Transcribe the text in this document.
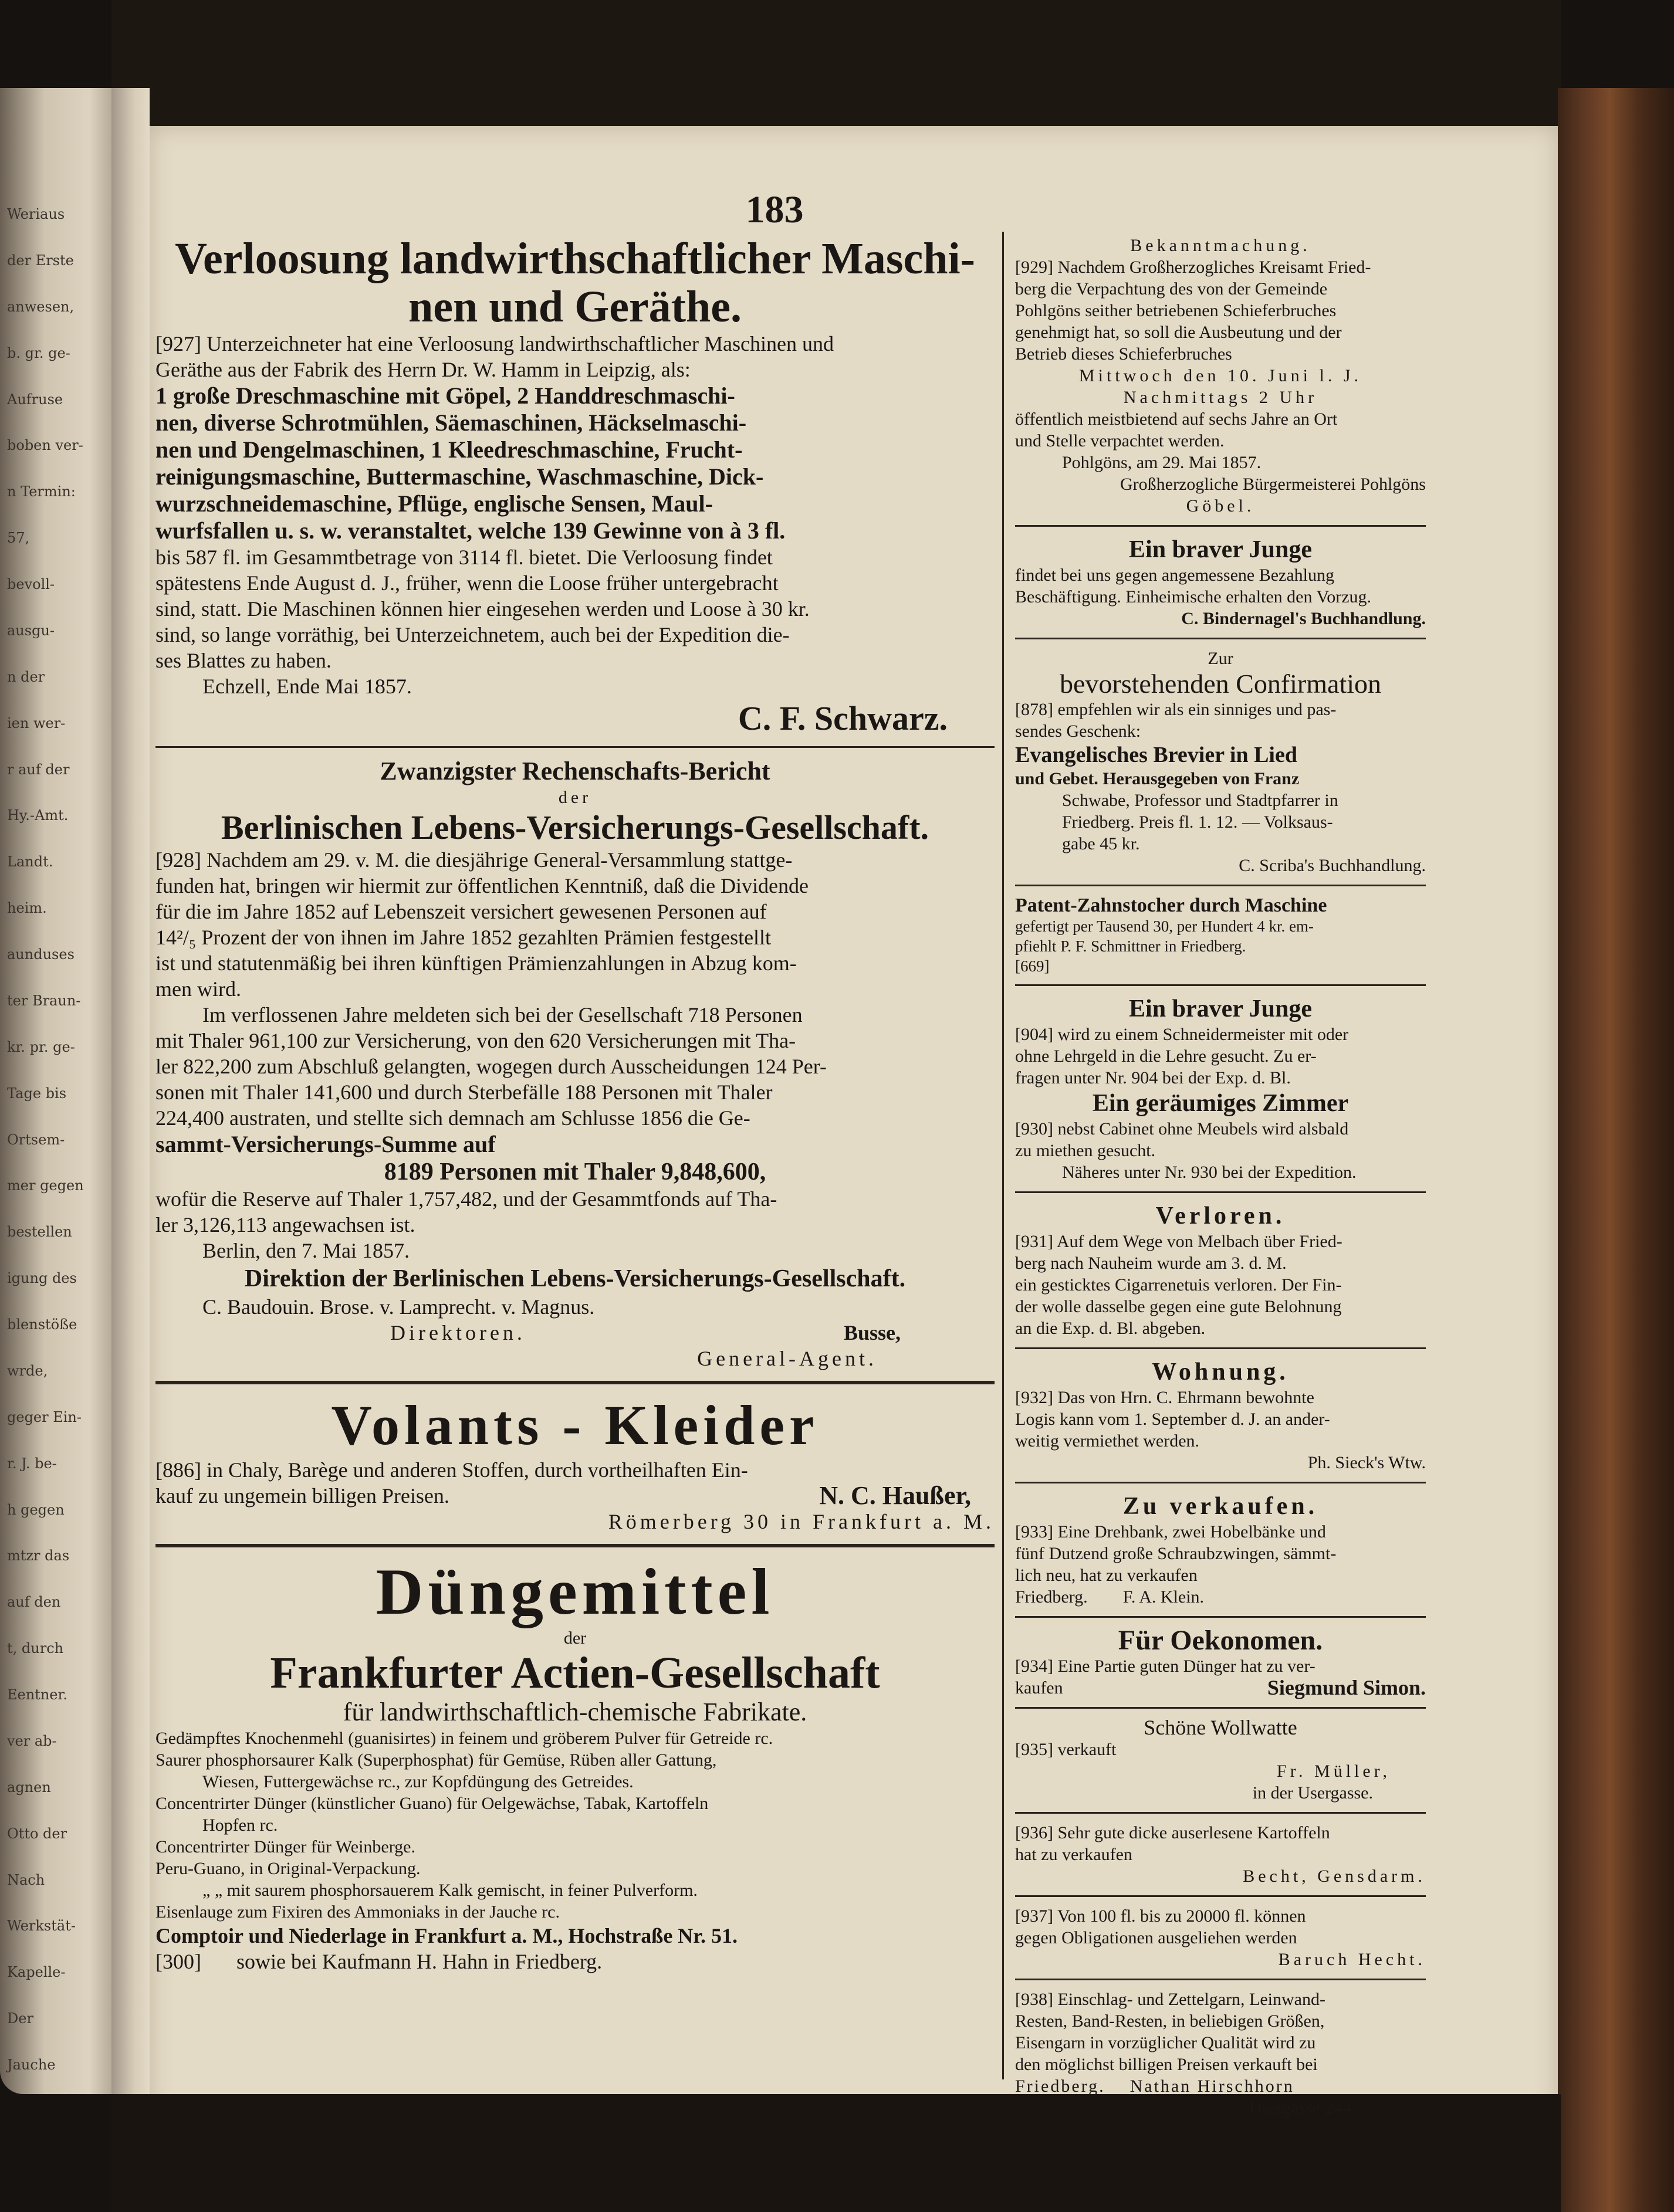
Weriaus
der Erste
anwesen,
b. gr. ge-
Aufruse
boben ver-
n Termin:
57,
bevoll-
ausgu-
n der
ien wer-
r auf der
Hy.-Amt.
Landt.
heim.
aunduses
ter Braun-
kr. pr. ge-
Tage bis
Ortsem-
mer gegen
bestellen
igung des
blenstöße
wrde,
geger Ein-
r. J. be-
h gegen
mtzr das
auf den
t, durch
Eentner.
ver ab-
agnen
Otto der
Nach
Werkstät-
Kapelle-
Der
Jauche
183
Verloosung landwirthschaftlicher Maschi-
nen und Geräthe.
[927] Unterzeichneter hat eine Verloosung landwirthschaftlicher Maschinen und
Geräthe aus der Fabrik des Herrn Dr. W. Hamm in Leipzig, als:
1 große Dreschmaschine mit Göpel, 2 Handdreschmaschi-
nen, diverse Schrotmühlen, Säemaschinen, Häckselmaschi-
nen und Dengelmaschinen, 1 Kleedreschmaschine, Frucht-
reinigungsmaschine, Buttermaschine, Waschmaschine, Dick-
wurzschneidemaschine, Pflüge, englische Sensen, Maul-
wurfsfallen u. s. w. veranstaltet, welche 139 Gewinne von à 3 fl.
bis 587 fl. im Gesammtbetrage von 3114 fl. bietet. Die Verloosung findet
spätestens Ende August d. J., früher, wenn die Loose früher untergebracht
sind, statt. Die Maschinen können hier eingesehen werden und Loose à 30 kr.
sind, so lange vorräthig, bei Unterzeichnetem, auch bei der Expedition die-
ses Blattes zu haben.
Echzell, Ende Mai 1857.
C. F. Schwarz.
Zwanzigster Rechenschafts-Bericht
der
Berlinischen Lebens-Versicherungs-Gesellschaft.
[928] Nachdem am 29. v. M. die diesjährige General-Versammlung stattge-
funden hat, bringen wir hiermit zur öffentlichen Kenntniß, daß die Dividende
für die im Jahre 1852 auf Lebenszeit versichert gewesenen Personen auf
14²/₅ Prozent der von ihnen im Jahre 1852 gezahlten Prämien festgestellt
ist und statutenmäßig bei ihren künftigen Prämienzahlungen in Abzug kom-
men wird.
Im verflossenen Jahre meldeten sich bei der Gesellschaft 718 Personen
mit Thaler 961,100 zur Versicherung, von den 620 Versicherungen mit Tha-
ler 822,200 zum Abschluß gelangten, wogegen durch Ausscheidungen 124 Per-
sonen mit Thaler 141,600 und durch Sterbefälle 188 Personen mit Thaler
224,400 austraten, und stellte sich demnach am Schlusse 1856 die Ge-
sammt-Versicherungs-Summe auf
8189 Personen mit Thaler 9,848,600,
wofür die Reserve auf Thaler 1,757,482, und der Gesammtfonds auf Tha-
ler 3,126,113 angewachsen ist.
Berlin, den 7. Mai 1857.
Direktion der Berlinischen Lebens-Versicherungs-Gesellschaft.
C. Baudouin. Brose. v. Lamprecht. v. Magnus.
Direktoren.	Busse,
General-Agent.
Volants - Kleider
[886] in Chaly, Barège und anderen Stoffen, durch vortheilhaften Ein-
kauf zu ungemein billigen Preisen.	N. C. Haußer,
Römerberg 30 in Frankfurt a. M.
Düngemittel
der
Frankfurter Actien-Gesellschaft
für landwirthschaftlich-chemische Fabrikate.
Gedämpftes Knochenmehl (guanisirtes) in feinem und gröberem Pulver für Getreide rc.
Saurer phosphorsaurer Kalk (Superphosphat) für Gemüse, Rüben aller Gattung,
Wiesen, Futtergewächse rc., zur Kopfdüngung des Getreides.
Concentrirter Dünger (künstlicher Guano) für Oelgewächse, Tabak, Kartoffeln
Hopfen rc.
Concentrirter Dünger für Weinberge.
Peru-Guano, in Original-Verpackung.
„ „ mit saurem phosphorsauerem Kalk gemischt, in feiner Pulverform.
Eisenlauge zum Fixiren des Ammoniaks in der Jauche rc.
Comptoir und Niederlage in Frankfurt a. M., Hochstraße Nr. 51.
[300] sowie bei Kaufmann H. Hahn in Friedberg.
Bekanntmachung.
[929] Nachdem Großherzogliches Kreisamt Fried-
berg die Verpachtung des von der Gemeinde
Pohlgöns seither betriebenen Schieferbruches
genehmigt hat, so soll die Ausbeutung und der
Betrieb dieses Schieferbruches
Mittwoch den 10. Juni l. J.
Nachmittags 2 Uhr
öffentlich meistbietend auf sechs Jahre an Ort
und Stelle verpachtet werden.
Pohlgöns, am 29. Mai 1857.
Großherzogliche Bürgermeisterei Pohlgöns
Göbel.
Ein braver Junge
findet bei uns gegen angemessene Bezahlung
Beschäftigung. Einheimische erhalten den Vorzug.
C. Bindernagel's Buchhandlung.
Zur
bevorstehenden Confirmation
[878] empfehlen wir als ein sinniges und pas-
sendes Geschenk:
Evangelisches Brevier in Lied
und Gebet. Herausgegeben von Franz
Schwabe, Professor und Stadtpfarrer in
Friedberg. Preis fl. 1. 12. — Volksaus-
gabe 45 kr.
C. Scriba's Buchhandlung.
Patent-Zahnstocher durch Maschine
gefertigt per Tausend 30, per Hundert 4 kr. em-
pfiehlt P. F. Schmittner in Friedberg.
[669]
Ein braver Junge
[904] wird zu einem Schneidermeister mit oder
ohne Lehrgeld in die Lehre gesucht. Zu er-
fragen unter Nr. 904 bei der Exp. d. Bl.
Ein geräumiges Zimmer
[930] nebst Cabinet ohne Meubels wird alsbald
zu miethen gesucht.
Näheres unter Nr. 930 bei der Expedition.
Verloren.
[931] Auf dem Wege von Melbach über Fried-
berg nach Nauheim wurde am 3. d. M.
ein gesticktes Cigarrenetuis verloren. Der Fin-
der wolle dasselbe gegen eine gute Belohnung
an die Exp. d. Bl. abgeben.
Wohnung.
[932] Das von Hrn. C. Ehrmann bewohnte
Logis kann vom 1. September d. J. an ander-
weitig vermiethet werden.
Ph. Sieck's Wtw.
Zu verkaufen.
[933] Eine Drehbank, zwei Hobelbänke und
fünf Dutzend große Schraubzwingen, sämmt-
lich neu, hat zu verkaufen
Friedberg.        F. A. Klein.
Für Oekonomen.
[934] Eine Partie guten Dünger hat zu ver-
kaufen	Siegmund Simon.
Schöne Wollwatte
[935] verkauft
Fr. Müller,
in der Usergasse.
[936] Sehr gute dicke auserlesene Kartoffeln
hat zu verkaufen
Becht, Gensdarm.
[937] Von 100 fl. bis zu 20000 fl. können
gegen Obligationen ausgeliehen werden
Baruch Hecht.
[938] Einschlag- und Zettelgarn, Leinwand-
Resten, Band-Resten, in beliebigen Größen,
Eisengarn in vorzüglicher Qualität wird zu
den möglichst billigen Preisen verkauft bei
Friedberg.    Nathan Hirschhorn
Usergasse 244.
